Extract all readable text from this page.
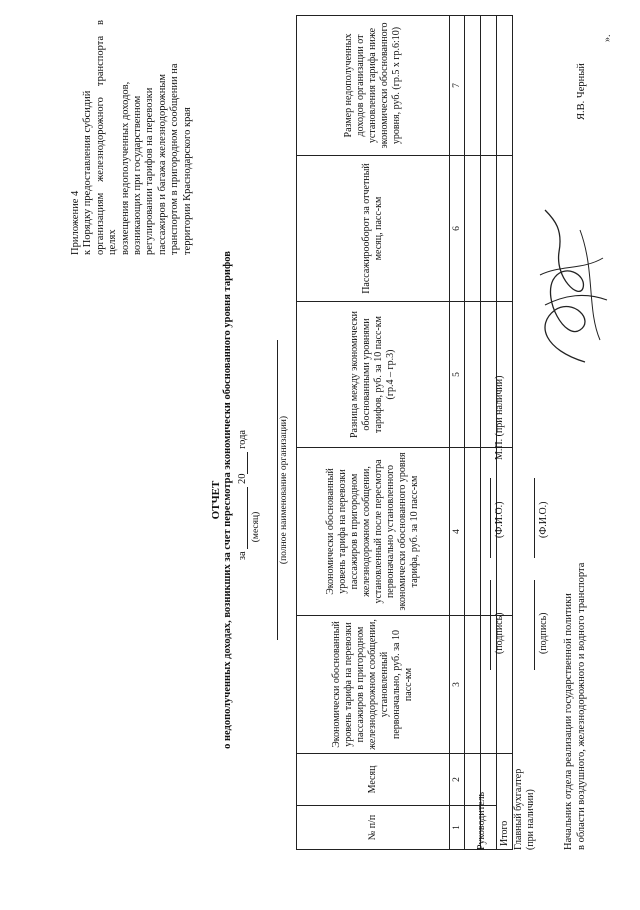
Приложение 4 к Порядку предоставления субсидий организациям железнодорожного транспорта в целях возмещения недополученных доходов, возникающих при государственном регулировании тарифов на перевозки пассажиров и багажа железнодорожным транспортом в пригородном сообщении на территории Краснодарского края
ОТЧЕТ о недополученных доходах, возникших за счет пересмотра экономически обоснованного уровня тарифов за  20 года
(месяц) (полное наименование организации)
№ п/п	Месяц	Экономически обоснованный уровень тарифа на перевозки пассажиров в пригородном железнодорожном сообщении, установленный первоначально, руб. за 10 пасс-км	Экономически обоснованный уровень тарифа на перевозки пассажиров в пригородном железнодорожном сообщении, установленный после пересмотра первоначально установленного экономически обоснованного уровня тарифа, руб. за 10 пасс-км	Разница между экономически обоснованными уровнями тарифов, руб. за 10 пасс-км (гр.4 – гр.3)	Пассажирооборот за отчетный месяц, пасс-км	Размер недополученных доходов организации от установления тарифа ниже экономически обоснованного уровня, руб. (гр.5 х гр.6:10)
1	2	3	4	5	6	7

Итого						
Руководитель
(подпись)
(Ф.И.О.)
М.П. (при наличии)
Главный бухгалтер (при наличии)
(подпись)
(Ф.И.О.)
Начальник отдела реализации государственной политики в области воздушного, железнодорожного и водного транспорта
Я.В. Черный
».
